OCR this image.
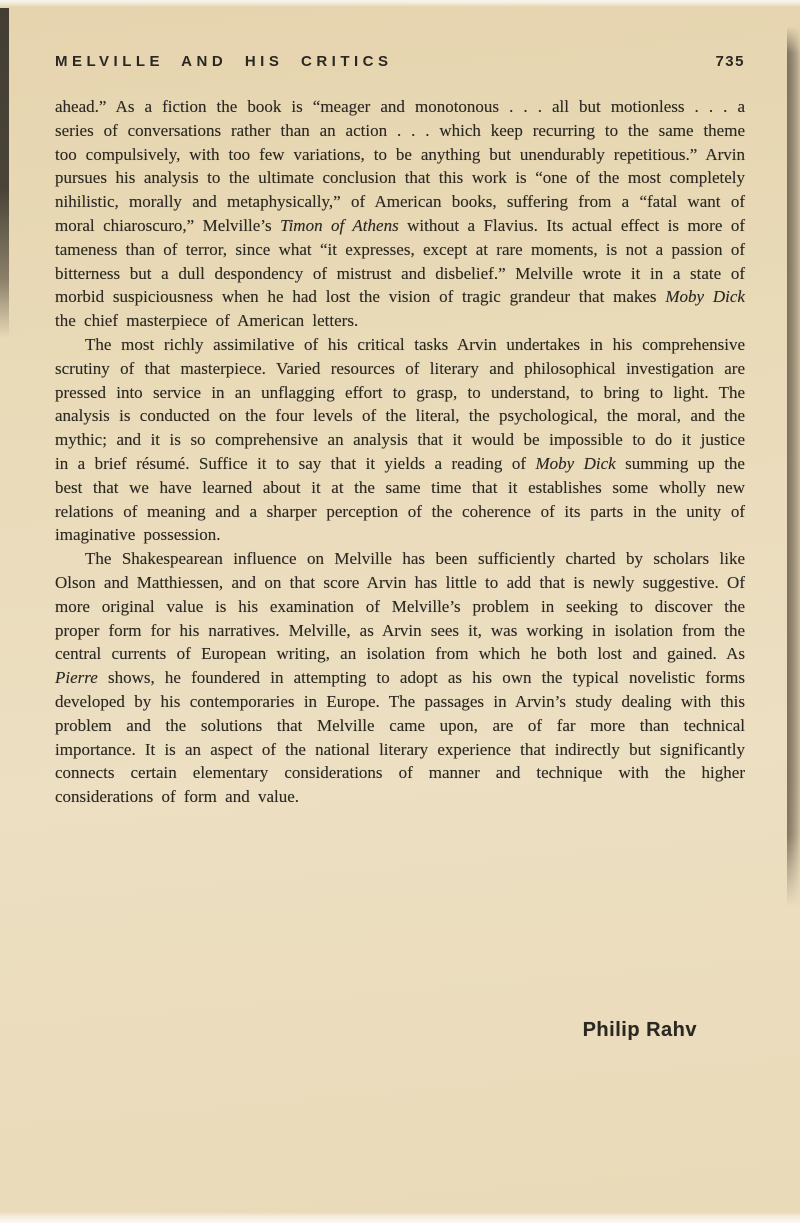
MELVILLE AND HIS CRITICS	735

ahead.” As a fiction the book is “meager and monotonous . . . all but motionless . . . a series of conversations rather than an action . . . which keep recurring to the same theme too compulsively, with too few variations, to be anything but unendurably repetitious.” Arvin pursues his analysis to the ultimate conclusion that this work is “one of the most completely nihilistic, morally and metaphysically,” of American books, suffering from a “fatal want of moral chiaroscuro,” Melville’s Timon of Athens without a Flavius. Its actual effect is more of tameness than of terror, since what “it expresses, except at rare moments, is not a passion of bitterness but a dull despondency of mistrust and disbelief.” Melville wrote it in a state of morbid suspiciousness when he had lost the vision of tragic grandeur that makes Moby Dick the chief masterpiece of American letters.

The most richly assimilative of his critical tasks Arvin undertakes in his comprehensive scrutiny of that masterpiece. Varied resources of literary and philosophical investigation are pressed into service in an unflagging effort to grasp, to understand, to bring to light. The analysis is conducted on the four levels of the literal, the psychological, the moral, and the mythic; and it is so comprehensive an analysis that it would be impossible to do it justice in a brief résumé. Suffice it to say that it yields a reading of Moby Dick summing up the best that we have learned about it at the same time that it establishes some wholly new relations of meaning and a sharper perception of the coherence of its parts in the unity of imaginative possession.

The Shakespearean influence on Melville has been sufficiently charted by scholars like Olson and Matthiessen, and on that score Arvin has little to add that is newly suggestive. Of more original value is his examination of Melville’s problem in seeking to discover the proper form for his narratives. Melville, as Arvin sees it, was working in isolation from the central currents of European writing, an isolation from which he both lost and gained. As Pierre shows, he foundered in attempting to adopt as his own the typical novelistic forms developed by his contemporaries in Europe. The passages in Arvin’s study dealing with this problem and the solutions that Melville came upon, are of far more than technical importance. It is an aspect of the national literary experience that indirectly but significantly connects certain elementary considerations of manner and technique with the higher considerations of form and value.

Philip Rahv
